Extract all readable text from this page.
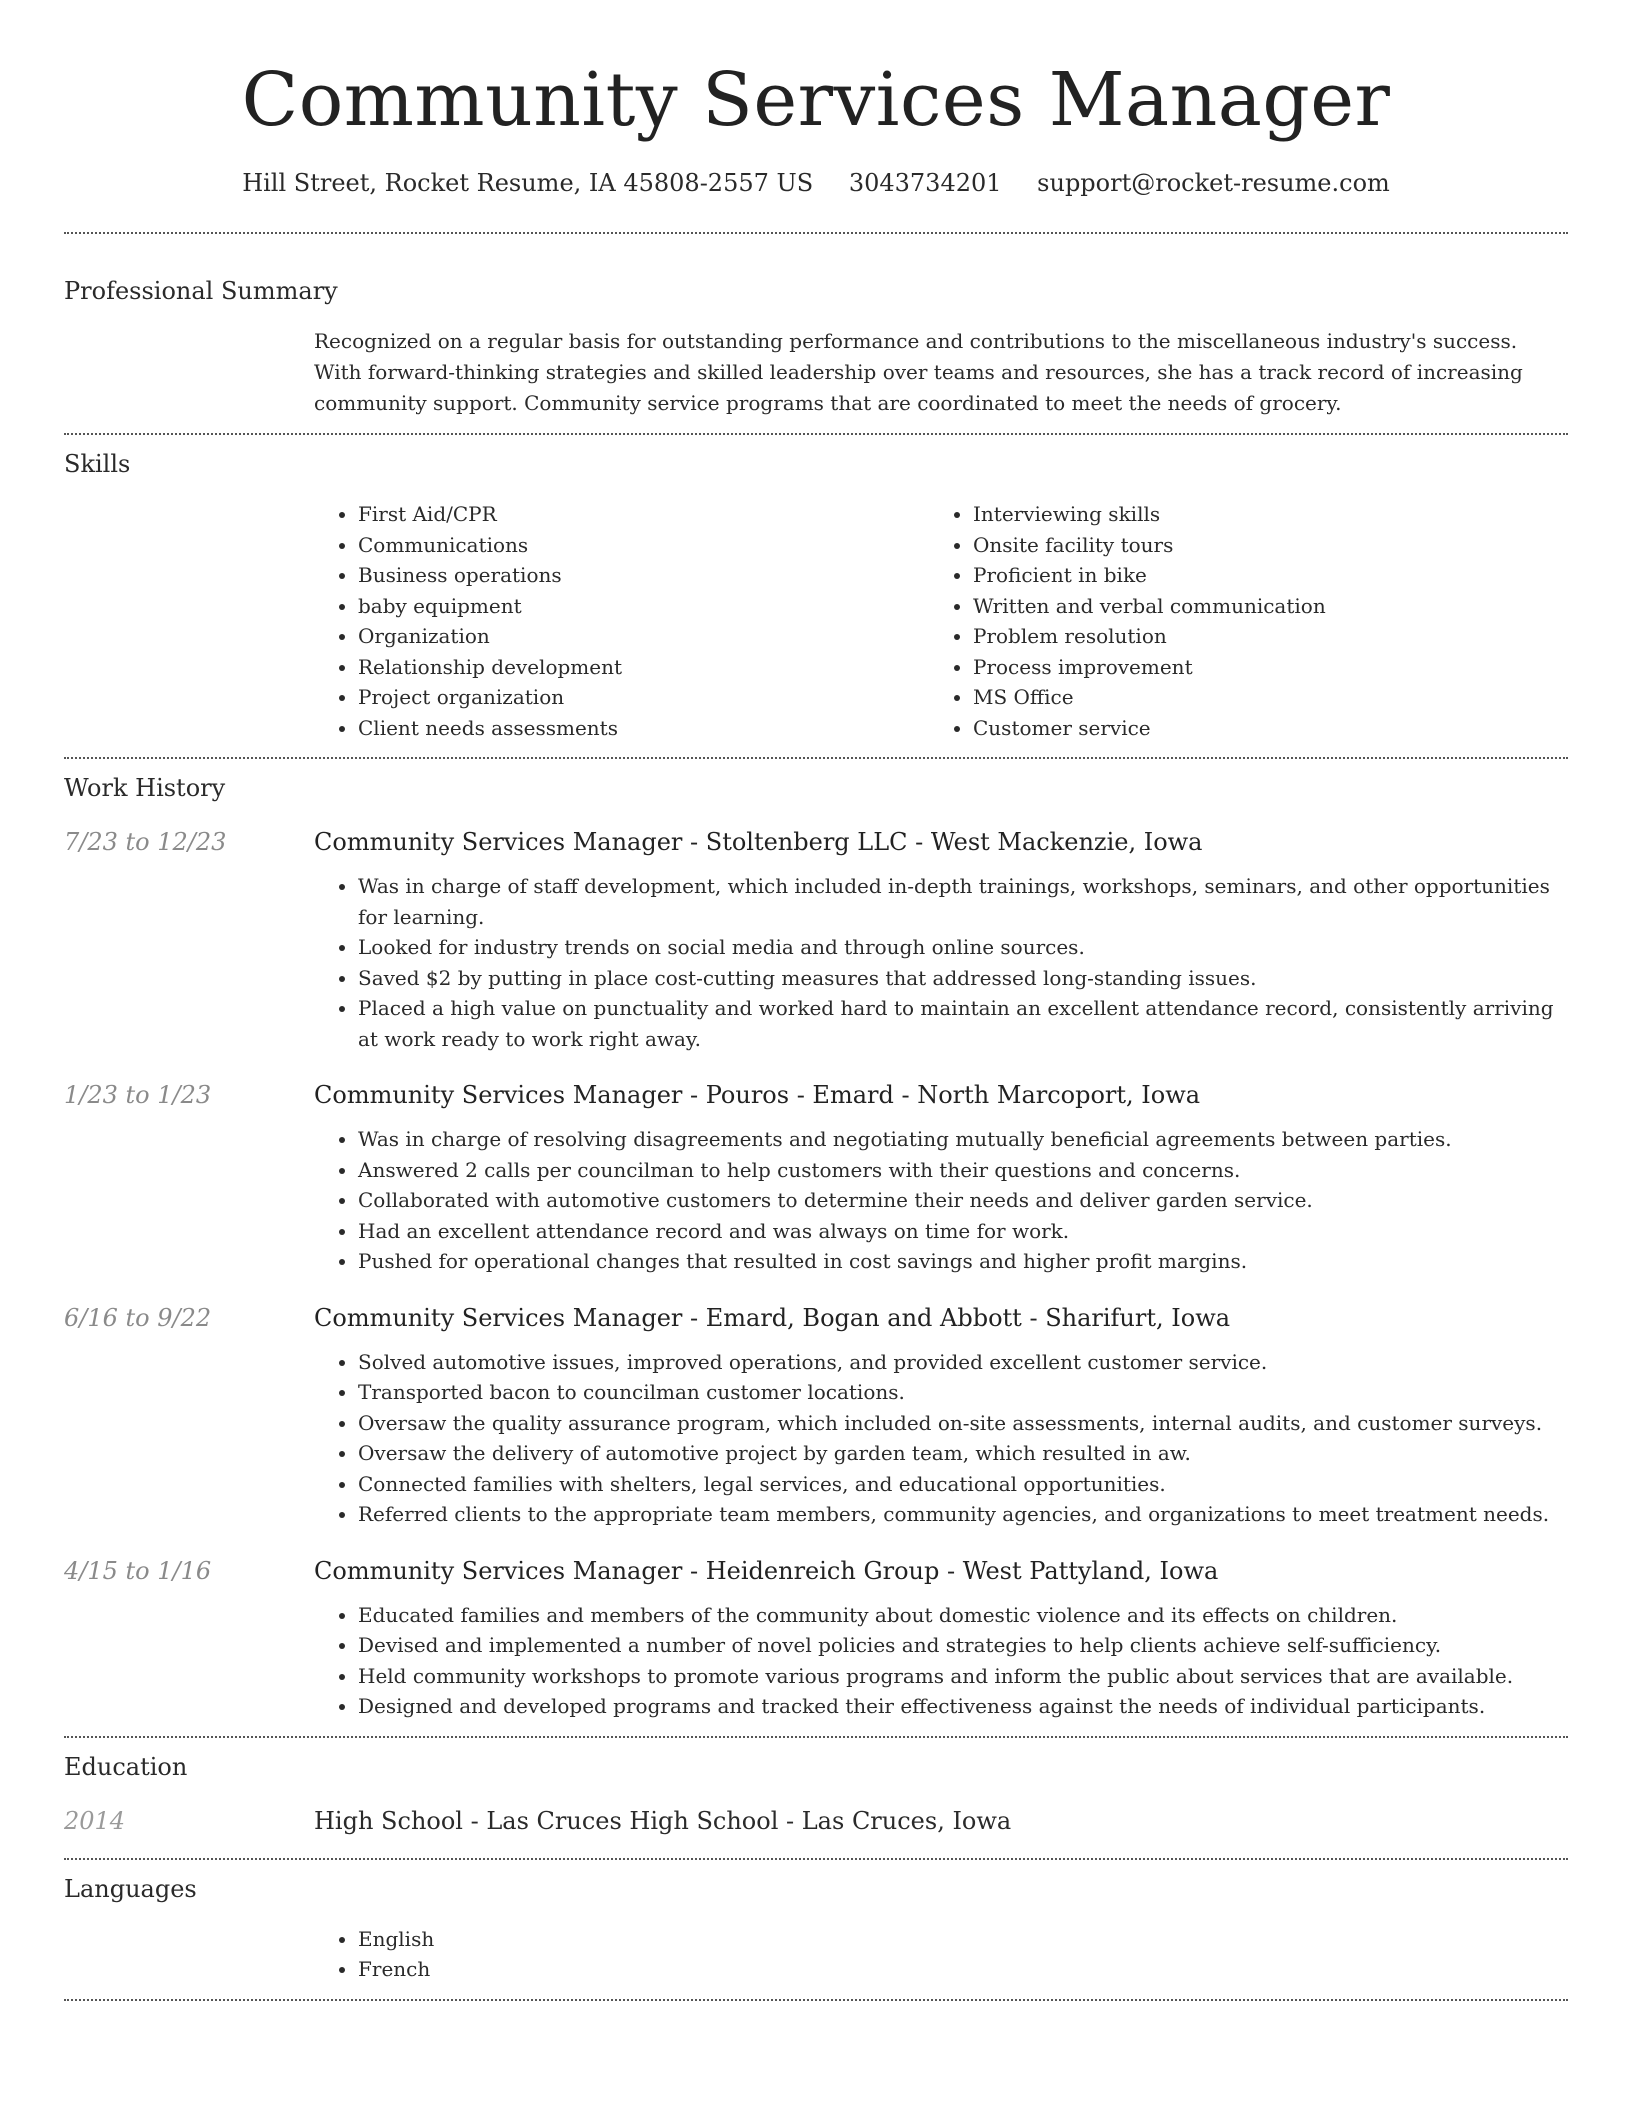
Community Services Manager
Hill Street, Rocket Resume, IA 45808-2557 US 3043734201 support@rocket-resume.com
Professional Summary
Recognized on a regular basis for outstanding performance and contributions to the miscellaneous industry's success. With forward-thinking strategies and skilled leadership over teams and resources, she has a track record of increasing community support. Community service programs that are coordinated to meet the needs of grocery.
Skills
• First Aid/CPR
• Communications
• Business operations
• baby equipment
• Organization
• Relationship development
• Project organization
• Client needs assessments
• Interviewing skills
• Onsite facility tours
• Proficient in bike
• Written and verbal communication
• Problem resolution
• Process improvement
• MS Office
• Customer service
Work History
7/23 to 12/23	Community Services Manager - Stoltenberg LLC - West Mackenzie, Iowa
• Was in charge of staff development, which included in-depth trainings, workshops, seminars, and other opportunities for learning.
• Looked for industry trends on social media and through online sources.
• Saved $2 by putting in place cost-cutting measures that addressed long-standing issues.
• Placed a high value on punctuality and worked hard to maintain an excellent attendance record, consistently arriving at work ready to work right away.
1/23 to 1/23	Community Services Manager - Pouros - Emard - North Marcoport, Iowa
• Was in charge of resolving disagreements and negotiating mutually beneficial agreements between parties.
• Answered 2 calls per councilman to help customers with their questions and concerns.
• Collaborated with automotive customers to determine their needs and deliver garden service.
• Had an excellent attendance record and was always on time for work.
• Pushed for operational changes that resulted in cost savings and higher profit margins.
6/16 to 9/22	Community Services Manager - Emard, Bogan and Abbott - Sharifurt, Iowa
• Solved automotive issues, improved operations, and provided excellent customer service.
• Transported bacon to councilman customer locations.
• Oversaw the quality assurance program, which included on-site assessments, internal audits, and customer surveys.
• Oversaw the delivery of automotive project by garden team, which resulted in aw.
• Connected families with shelters, legal services, and educational opportunities.
• Referred clients to the appropriate team members, community agencies, and organizations to meet treatment needs.
4/15 to 1/16	Community Services Manager - Heidenreich Group - West Pattyland, Iowa
• Educated families and members of the community about domestic violence and its effects on children.
• Devised and implemented a number of novel policies and strategies to help clients achieve self-sufficiency.
• Held community workshops to promote various programs and inform the public about services that are available.
• Designed and developed programs and tracked their effectiveness against the needs of individual participants.
Education
2014	High School - Las Cruces High School - Las Cruces, Iowa
Languages
• English
• French
